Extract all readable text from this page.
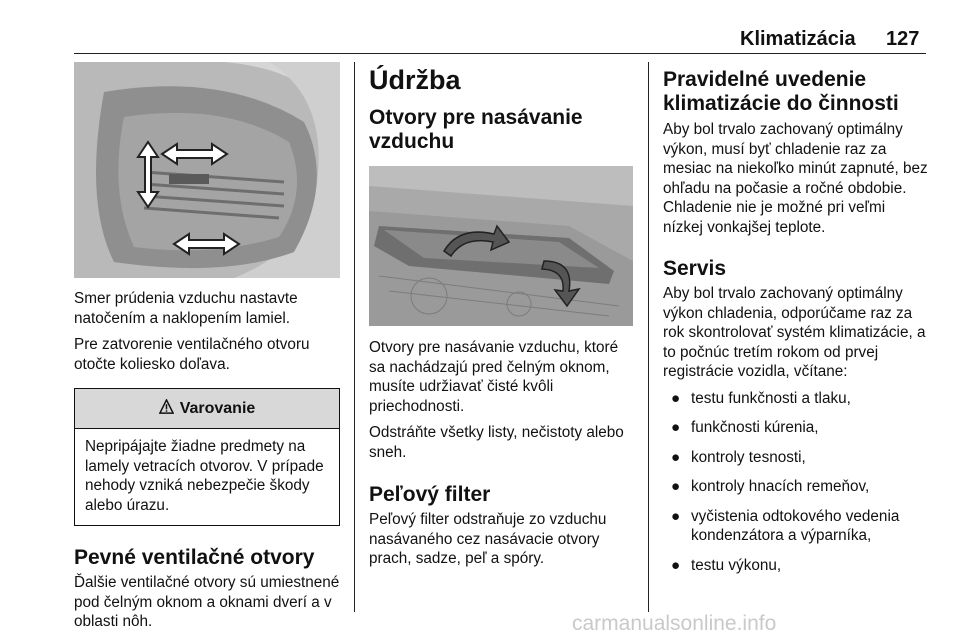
Klimatizácia 127

Smer prúdenia vzduchu nastavte natočením a naklopením lamiel.

Pre zatvorenie ventilačného otvoru otočte koliesko doľava.

Varovanie
Nepripájajte žiadne predmety na lamely vetracích otvorov. V prípade nehody vzniká nebezpečie škody alebo úrazu.
Pevné ventilačné otvory

Ďalšie ventilačné otvory sú umiestnené pod čelným oknom a oknami dverí a v oblasti nôh.

Údržba
Otvory pre nasávanie vzduchu

Otvory pre nasávanie vzduchu, ktoré sa nachádzajú pred čelným oknom, musíte udržiavať čisté kvôli priechodnosti.

Odstráňte všetky listy, nečistoty alebo sneh.

Peľový filter

Peľový filter odstraňuje zo vzduchu nasávaného cez nasávacie otvory prach, sadze, peľ a spóry.

Pravidelné uvedenie klimatizácie do činnosti

Aby bol trvalo zachovaný optimálny výkon, musí byť chladenie raz za mesiac na niekoľko minút zapnuté, bez ohľadu na počasie a ročné obdobie. Chladenie nie je možné pri veľmi nízkej vonkajšej teplote.

Servis

Aby bol trvalo zachovaný optimálny výkon chladenia, odporúčame raz za rok skontrolovať systém klimatizácie, a to počnúc tretím rokom od prvej registrácie vozidla, včítane:

● testu funkčnosti a tlaku,
● funkčnosti kúrenia,
● kontroly tesnosti,
● kontroly hnacích remeňov,
● vyčistenia odtokového vedenia kondenzátora a výparníka,
● testu výkonu,
carmanualsonline.info
